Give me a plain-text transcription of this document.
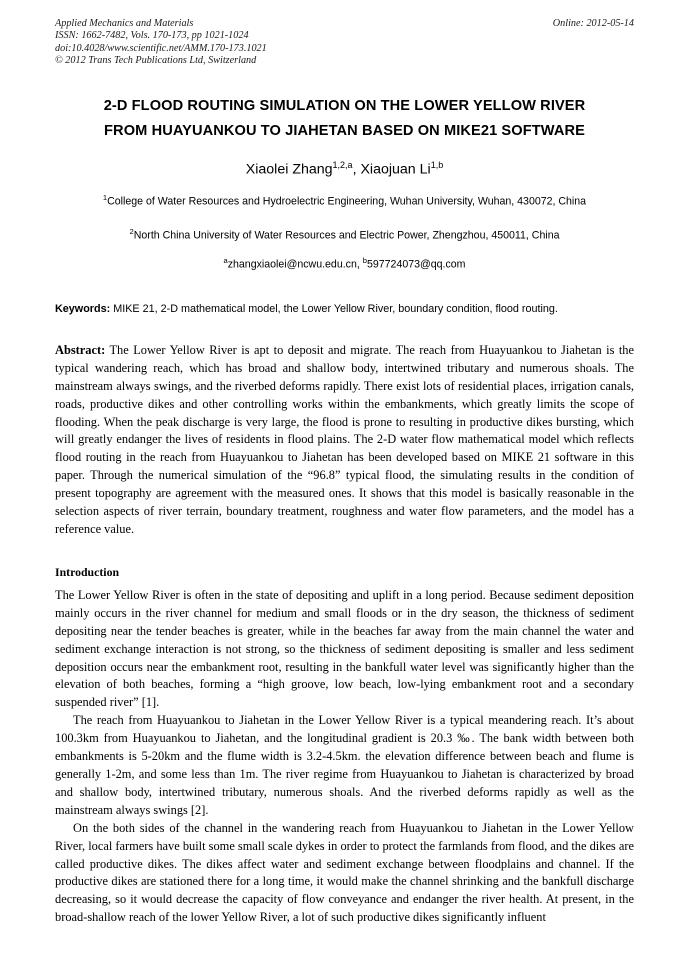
Applied Mechanics and Materials	Online: 2012-05-14
ISSN: 1662-7482, Vols. 170-173, pp 1021-1024
doi:10.4028/www.scientific.net/AMM.170-173.1021
© 2012 Trans Tech Publications Ltd, Switzerland
2-D FLOOD ROUTING SIMULATION ON THE LOWER YELLOW RIVER
FROM HUAYUANKOU TO JIAHETAN BASED ON MIKE21 SOFTWARE
Xiaolei Zhang$^{1,2,a}$, Xiaojuan Li$^{1,b}$
$^1$College of Water Resources and Hydroelectric Engineering, Wuhan University, Wuhan, 430072, China
$^2$North China University of Water Resources and Electric Power, Zhengzhou, 450011, China
$^a$zhangxiaolei@ncwu.edu.cn, $^b$597724073@qq.com
Keywords: MIKE 21, 2-D mathematical model, the Lower Yellow River, boundary condition, flood routing.
Abstract: The Lower Yellow River is apt to deposit and migrate. The reach from Huayuankou to Jiahetan is the typical wandering reach, which has broad and shallow body, intertwined tributary and numerous shoals. The mainstream always swings, and the riverbed deforms rapidly. There exist lots of residential places, irrigation canals, roads, productive dikes and other controlling works within the embankments, which greatly limits the scope of flooding. When the peak discharge is very large, the flood is prone to resulting in productive dikes bursting, which will greatly endanger the lives of residents in flood plains. The 2-D water flow mathematical model which reflects flood routing in the reach from Huayuankou to Jiahetan has been developed based on MIKE 21 software in this paper. Through the numerical simulation of the “96.8” typical flood, the simulating results in the condition of present topography are agreement with the measured ones. It shows that this model is basically reasonable in the selection aspects of river terrain, boundary treatment, roughness and water flow parameters, and the model has a reference value.
Introduction

The Lower Yellow River is often in the state of depositing and uplift in a long period. Because sediment deposition mainly occurs in the river channel for medium and small floods or in the dry season, the thickness of sediment depositing near the tender beaches is greater, while in the beaches far away from the main channel the water and sediment exchange interaction is not strong, so the thickness of sediment depositing is smaller and less sediment deposition occurs near the embankment root, resulting in the bankfull water level was significantly higher than the elevation of both beaches, forming a “high groove, low beach, low-lying embankment root and a secondary suspended river” [1].

The reach from Huayuankou to Jiahetan in the Lower Yellow River is a typical meandering reach. It’s about 100.3km from Huayuankou to Jiahetan, and the longitudinal gradient is 20.3 ‰. The bank width between both embankments is 5-20km and the flume width is 3.2-4.5km. the elevation difference between beach and flume is generally 1-2m, and some less than 1m. The river regime from Huayuankou to Jiahetan is characterized by broad and shallow body, intertwined tributary, numerous shoals. And the riverbed deforms rapidly as well as the mainstream always swings [2].

On the both sides of the channel in the wandering reach from Huayuankou to Jiahetan in the Lower Yellow River, local farmers have built some small scale dykes in order to protect the farmlands from flood, and the dikes are called productive dikes. The dikes affect water and sediment exchange between floodplains and channel. If the productive dikes are stationed there for a long time, it would make the channel shrinking and the bankfull discharge decreasing, so it would decrease the capacity of flow conveyance and endanger the river health. At present, in the broad-shallow reach of the lower Yellow River, a lot of such productive dikes significantly influent
